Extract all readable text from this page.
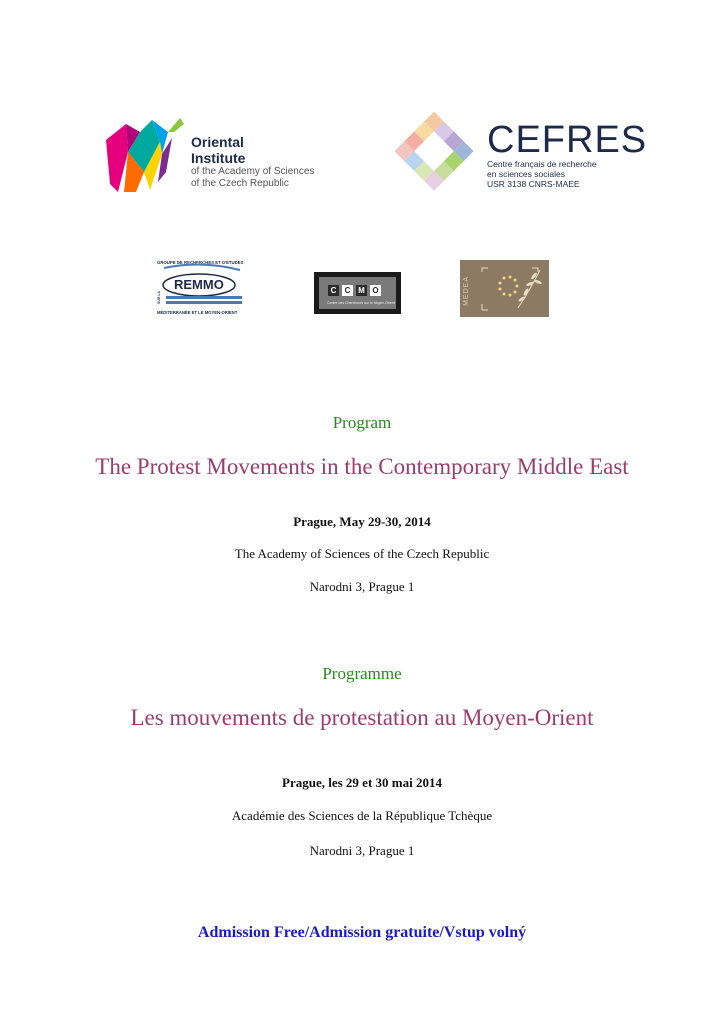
Oriental
Institute
of the Academy of Sciences
of the Czech Republic
CEFRES
Centre français de recherche
en sciences sociales
USR 3138 CNRS-MAEE
GROUPE DE RECHERCHES ET D'ÉTUDES
REMMO
SUR LA
MÉDITERRANÉE ET LE MOYEN-ORIENT
C	C M O
Centre des Chercheurs sur le Moyen-Orient	MEDEA
Program
The Protest Movements in the Contemporary Middle East
Prague, May 29-30, 2014
The Academy of Sciences of the Czech Republic
Narodni 3, Prague 1
Programme
Les mouvements de protestation au Moyen-Orient
Prague, les 29 et 30 mai 2014
Académie des Sciences de la République Tchèque
Narodni 3, Prague 1
Admission Free/Admission gratuite/Vstup volný
